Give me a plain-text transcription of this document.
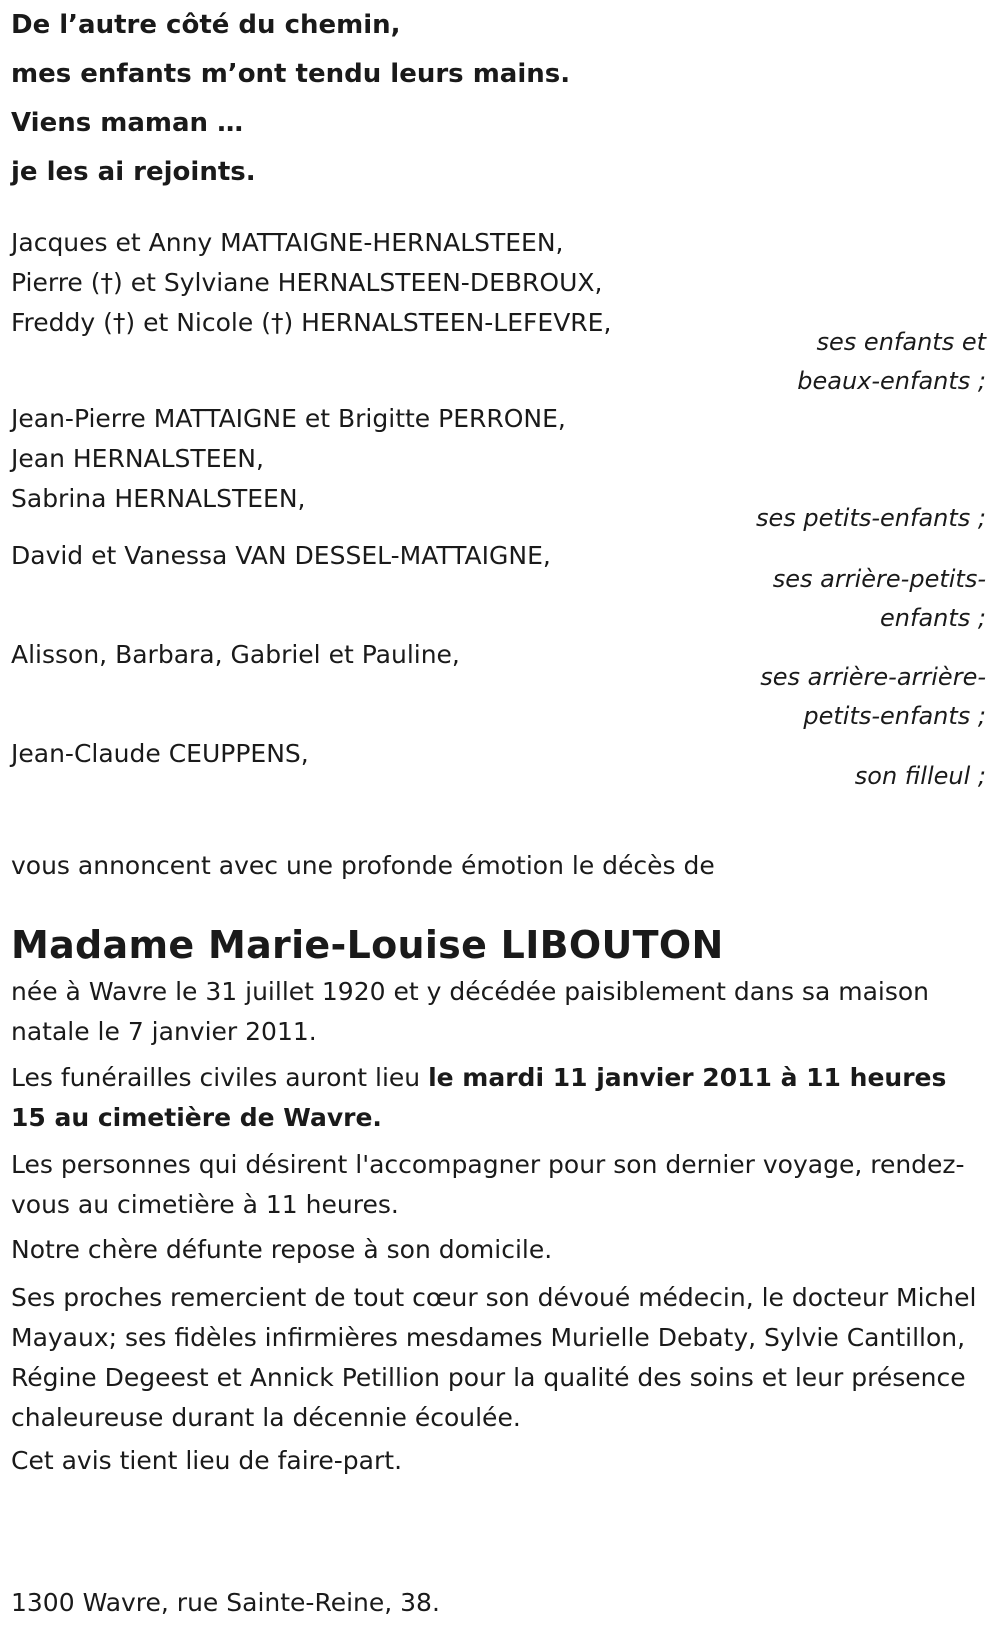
De l’autre côté du chemin,

mes enfants m’ont tendu leurs mains.

Viens maman …

je les ai rejoints.

Jacques et Anny MATTAIGNE-HERNALSTEEN,
Pierre (†) et Sylviane HERNALSTEEN-DEBROUX,
Freddy (†) et Nicole (†) HERNALSTEEN-LEFEVRE,
ses enfants et
beaux-enfants ;
Jean-Pierre MATTAIGNE et Brigitte PERRONE,
Jean HERNALSTEEN,
Sabrina HERNALSTEEN,
ses petits-enfants ;
David et Vanessa VAN DESSEL-MATTAIGNE,
ses arrière-petits-
enfants ;
Alisson, Barbara, Gabriel et Pauline,
ses arrière-arrière-
petits-enfants ;
Jean-Claude CEUPPENS,
son filleul ;
vous annoncent avec une profonde émotion le décès de
Madame Marie-Louise LIBOUTON

née à Wavre le 31 juillet 1920 et y décédée paisiblement dans sa maison natale le 7 janvier 2011.

Les funérailles civiles auront lieu le mardi 11 janvier 2011 à 11 heures 15 au cimetière de Wavre.

Les personnes qui désirent l'accompagner pour son dernier voyage, rendez-vous au cimetière à 11 heures.

Notre chère défunte repose à son domicile.

Ses proches remercient de tout cœur son dévoué médecin, le docteur Michel Mayaux; ses fidèles infirmières mesdames Murielle Debaty, Sylvie Cantillon, Régine Degeest et Annick Petillion pour la qualité des soins et leur présence chaleureuse durant la décennie écoulée.

Cet avis tient lieu de faire-part.

1300 Wavre, rue Sainte-Reine, 38.
